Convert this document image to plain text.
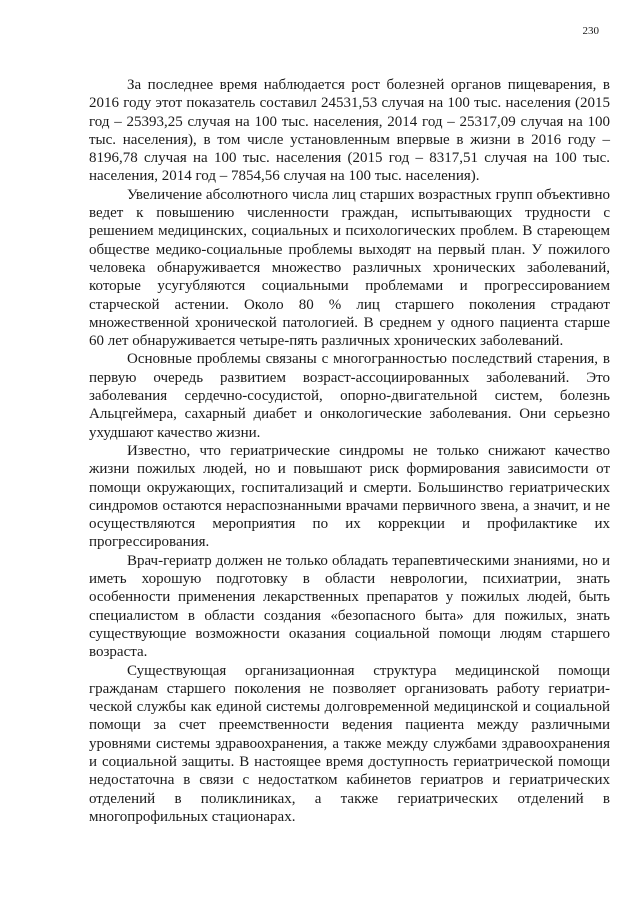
230

За последнее время наблюдается рост болезней органов пищеварения, в 2016 году этот показатель составил 24531,53 случая на 100 тыс. населения (2015 год – 25393,25 случая на 100 тыс. населения, 2014 год – 25317,09 случая на 100 тыс. населения), в том числе установленным впервые в жизни в 2016 году – 8196,78 случая на 100 тыс. населения (2015 год – 8317,51 случая на 100 тыс. населения, 2014 год – 7854,56 случая на 100 тыс. населения).

Увеличение абсолютного числа лиц старших возрастных групп объективно ведет к повышению численности граждан, испытывающих трудности с решением медицинских, социальных и психологических проблем. В стареющем обществе медико-социальные проблемы выходят на первый план. У пожилого человека обнаруживается множество различных хронических заболеваний, которые усугубляются социальными проблемами и прогрессированием старческой астении. Около 80 % лиц старшего поколения страдают множественной хронической патологией. В среднем у одного пациента старше 60 лет обнаруживается четыре-пять различных хронических заболеваний.

Основные проблемы связаны с многогранностью последствий старения, в первую очередь развитием возраст-ассоциированных заболеваний. Это заболевания сердечно-сосудистой, опорно-двигательной систем, болезнь Альцгеймера, сахарный диабет и онкологические заболевания. Они серьезно ухудшают качество жизни.

Известно, что гериатрические синдромы не только снижают качество жизни пожилых людей, но и повышают риск формирования зависимости от помощи окружающих, госпитализаций и смерти. Большинство гериатрических синдромов остаются нераспознанными врачами первичного звена, а значит, и не осуществляются мероприятия по их коррекции и профилактике их прогрессирования.

Врач-гериатр должен не только обладать терапевтическими знаниями, но и иметь хорошую подготовку в области неврологии, психиатрии, знать особенности применения лекарственных препаратов у пожилых людей, быть специалистом в области создания «безопасного быта» для пожилых, знать существующие возможности оказания социальной помощи людям старшего возраста.

Существующая организационная структура медицинской помощи гражданам старшего поколения не позволяет организовать работу гериатрической службы как единой системы долговременной медицинской и социальной помощи за счет преемственности ведения пациента между различными уровнями системы здравоохранения, а также между службами здравоохранения и социальной защиты. В настоящее время доступность гериатрической помощи недостаточна в связи с недостатком кабинетов гериатров и гериатрических отделений в поликлиниках, а также гериатрических отделений в многопрофильных стационарах.
